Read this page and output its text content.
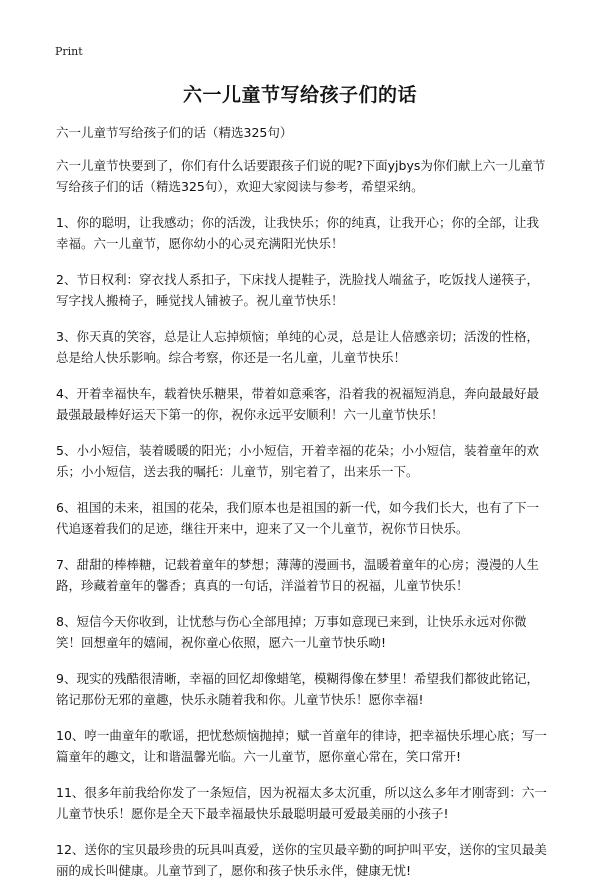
Print
六一儿童节写给孩子们的话

六一儿童节写给孩子们的话（精选325句）

六一儿童节快要到了，你们有什么话要跟孩子们说的呢?下面yjbys为你们献上六一儿童节写给孩子们的话（精选325句），欢迎大家阅读与参考，希望采纳。

1、你的聪明，让我感动；你的活泼，让我快乐；你的纯真，让我开心；你的全部，让我幸福。六一儿童节，愿你幼小的心灵充满阳光快乐！

2、节日权利：穿衣找人系扣子，下床找人提鞋子，洗脸找人端盆子，吃饭找人递筷子，写字找人搬椅子，睡觉找人铺被子。祝儿童节快乐！

3、你天真的笑容，总是让人忘掉烦恼；单纯的心灵，总是让人倍感亲切；活泼的性格，总是给人快乐影响。综合考察，你还是一名儿童，儿童节快乐！

4、开着幸福快车，载着快乐糖果，带着如意乘客，沿着我的祝福短消息，奔向最最好最最强最最棒好运天下第一的你，祝你永远平安顺利！六一儿童节快乐！

5、小小短信，装着暖暖的阳光；小小短信，开着幸福的花朵；小小短信，装着童年的欢乐；小小短信，送去我的嘱托：儿童节，别宅着了，出来乐一下。

6、祖国的未来，祖国的花朵，我们原本也是祖国的新一代，如今我们长大，也有了下一代追逐着我们的足迹，继往开来中，迎来了又一个儿童节，祝你节日快乐。

7、甜甜的棒棒糖，记载着童年的梦想；薄薄的漫画书，温暖着童年的心房；漫漫的人生路，珍藏着童年的馨香；真真的一句话，洋溢着节日的祝福，儿童节快乐！

8、短信今天你收到，让忧愁与伤心全部甩掉；万事如意现已来到，让快乐永远对你微笑！回想童年的嬉闹，祝你童心依照，愿六一儿童节快乐呦!

9、现实的残酷很清晰，幸福的回忆却像蜡笔，模糊得像在梦里！希望我们都彼此铭记，铭记那份无邪的童趣，快乐永随着我和你。儿童节快乐！愿你幸福!

10、哼一曲童年的歌谣，把忧愁烦恼抛掉；赋一首童年的律诗，把幸福快乐埋心底；写一篇童年的趣文，让和谐温馨光临。六一儿童节，愿你童心常在，笑口常开!

11、很多年前我给你发了一条短信，因为祝福太多太沉重，所以这么多年才刚寄到：六一儿童节快乐！愿你是全天下最幸福最快乐最聪明最可爱最美丽的小孩子!

12、送你的宝贝最珍贵的玩具叫真爱，送你的宝贝最辛勤的呵护叫平安，送你的宝贝最美丽的成长叫健康。儿童节到了，愿你和孩子快乐永伴，健康无忧!
